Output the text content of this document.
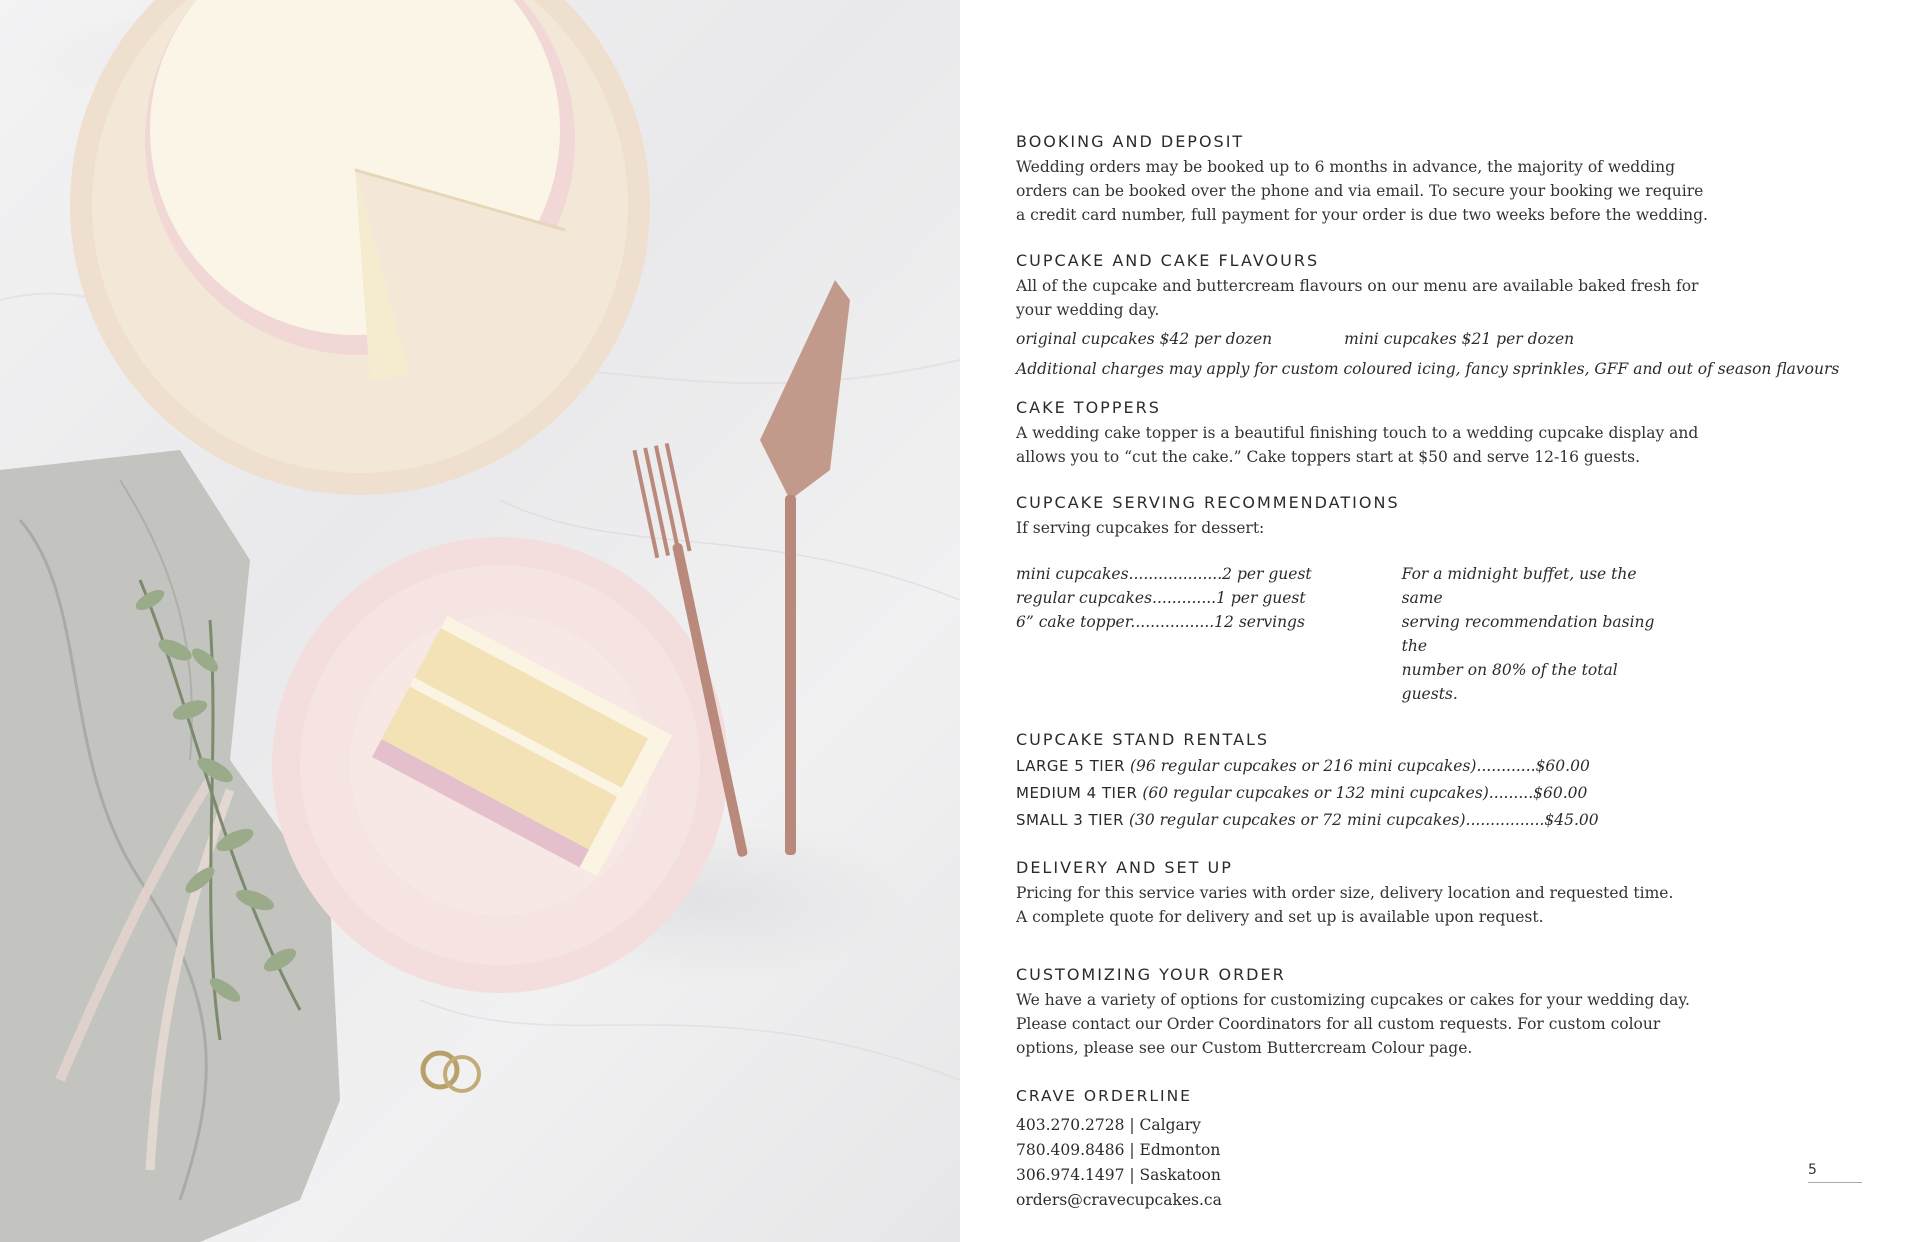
BOOKING AND DEPOSIT

Wedding orders may be booked up to 6 months in advance, the majority of wedding

orders can be booked over the phone and via email. To secure your booking we require

a credit card number, full payment for your order is due two weeks before the wedding.

CUPCAKE AND CAKE FLAVOURS

All of the cupcake and buttercream flavours on our menu are available baked fresh for

your wedding day.

original cupcakes $42 per dozen	mini cupcakes $21 per dozen
Additional charges may apply for custom coloured icing, fancy sprinkles, GFF and out of season flavours
CAKE TOPPERS

A wedding cake topper is a beautiful finishing touch to a wedding cupcake display and

allows you to “cut the cake.” Cake toppers start at $50 and serve 12-16 guests.

CUPCAKE SERVING RECOMMENDATIONS

If serving cupcakes for dessert:

mini cupcakes...................2 per guest
regular cupcakes.............1 per guest
6” cake topper.................12 servings
For a midnight buffet, use the same
serving recommendation basing the
number on 80% of the total guests.
CUPCAKE STAND RENTALS
LARGE 5 TIER (96 regular cupcakes or 216 mini cupcakes)............$60.00
MEDIUM 4 TIER (60 regular cupcakes or 132 mini cupcakes).........$60.00
SMALL 3 TIER (30 regular cupcakes or 72 mini cupcakes)................$45.00
DELIVERY AND SET UP

Pricing for this service varies with order size, delivery location and requested time.

A complete quote for delivery and set up is available upon request.

CUSTOMIZING YOUR ORDER

We have a variety of options for customizing cupcakes or cakes for your wedding day.

Please contact our Order Coordinators for all custom requests. For custom colour

options, please see our Custom Buttercream Colour page.

CRAVE ORDERLINE
403.270.2728 | Calgary
780.409.8486 | Edmonton
306.974.1497 | Saskatoon
orders@cravecupcakes.ca
5
